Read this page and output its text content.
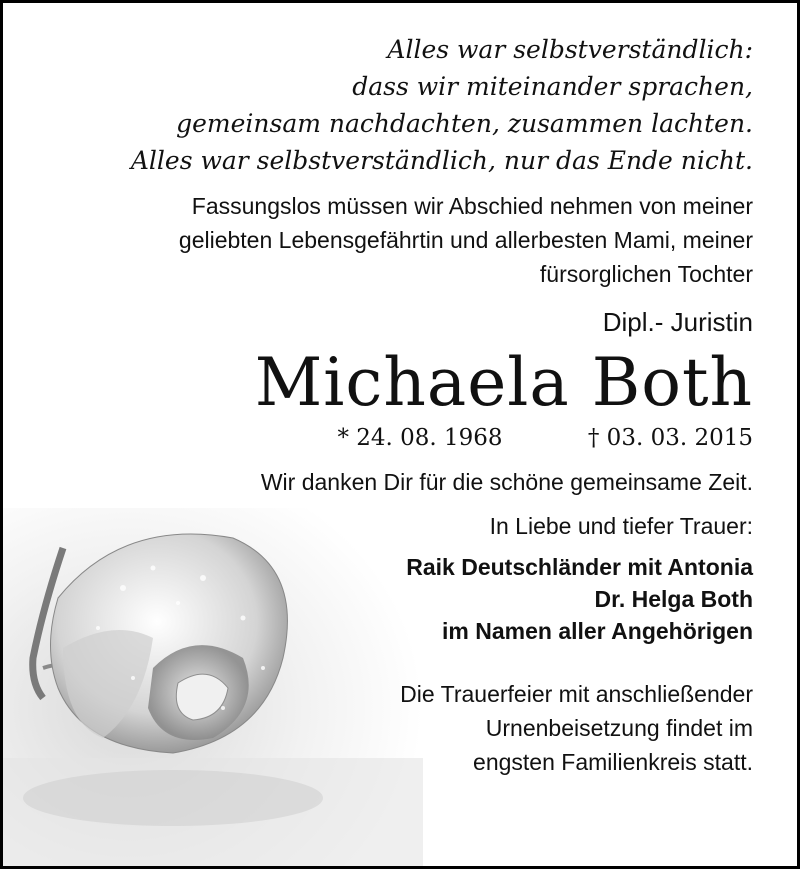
Alles war selbstverständlich:
dass wir miteinander sprachen,
gemeinsam nachdachten, zusammen lachten.
Alles war selbstverständlich, nur das Ende nicht.
Fassungslos müssen wir Abschied nehmen von meiner
geliebten Lebensgefährtin und allerbesten Mami, meiner
fürsorglichen Tochter
Dipl.- Juristin
Michaela Both
* 24. 08. 1968	† 03. 03. 2015
Wir danken Dir für die schöne gemeinsame Zeit.
In Liebe und tiefer Trauer:
Raik Deutschländer mit Antonia
Dr. Helga Both
im Namen aller Angehörigen
Die Trauerfeier mit anschließender
Urnenbeisetzung findet im
engsten Familienkreis statt.
